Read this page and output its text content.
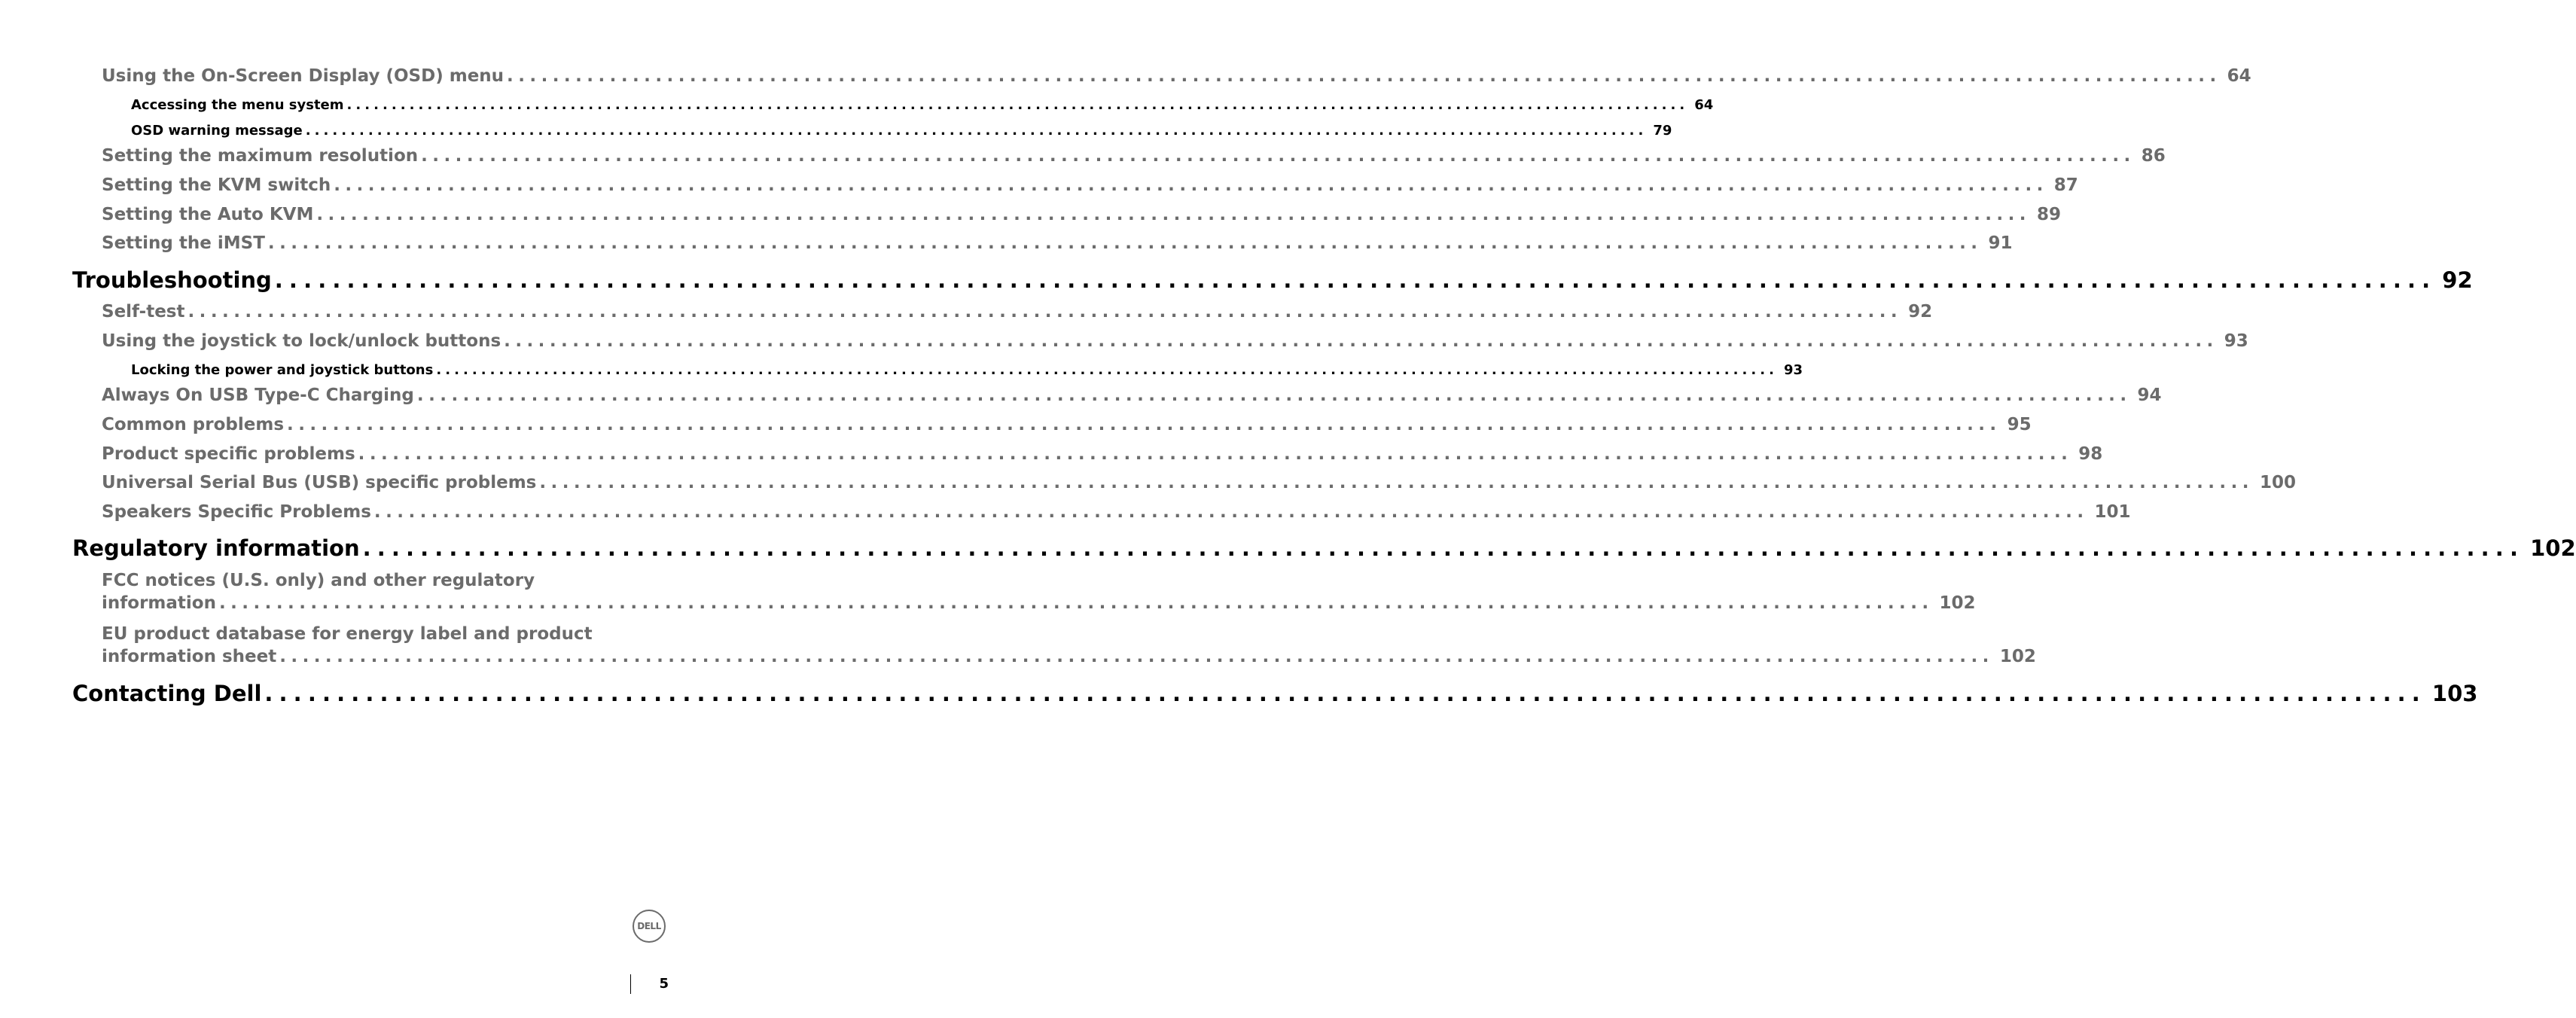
Using the On-Screen Display (OSD) menu ...................................................................................................................................................... 64
Accessing the menu system ...................................................................................................................................................... 64
OSD warning message ...................................................................................................................................................... 79
Setting the maximum resolution ...................................................................................................................................................... 86
Setting the KVM switch ...................................................................................................................................................... 87
Setting the Auto KVM ...................................................................................................................................................... 89
Setting the iMST ...................................................................................................................................................... 91
Troubleshooting ...................................................................................................................................................... 92
Self-test ...................................................................................................................................................... 92
Using the joystick to lock/unlock buttons ...................................................................................................................................................... 93
Locking the power and joystick buttons ...................................................................................................................................................... 93
Always On USB Type-C Charging ...................................................................................................................................................... 94
Common problems ...................................................................................................................................................... 95
Product specific problems ...................................................................................................................................................... 98
Universal Serial Bus (USB) specific problems ...................................................................................................................................................... 100
Speakers Specific Problems ...................................................................................................................................................... 101
Regulatory information ...................................................................................................................................................... 102
FCC notices (U.S. only) and other regulatory
information ...................................................................................................................................................... 102
EU product database for energy label and product
information sheet ...................................................................................................................................................... 102
Contacting Dell ...................................................................................................................................................... 103
DELL
5
